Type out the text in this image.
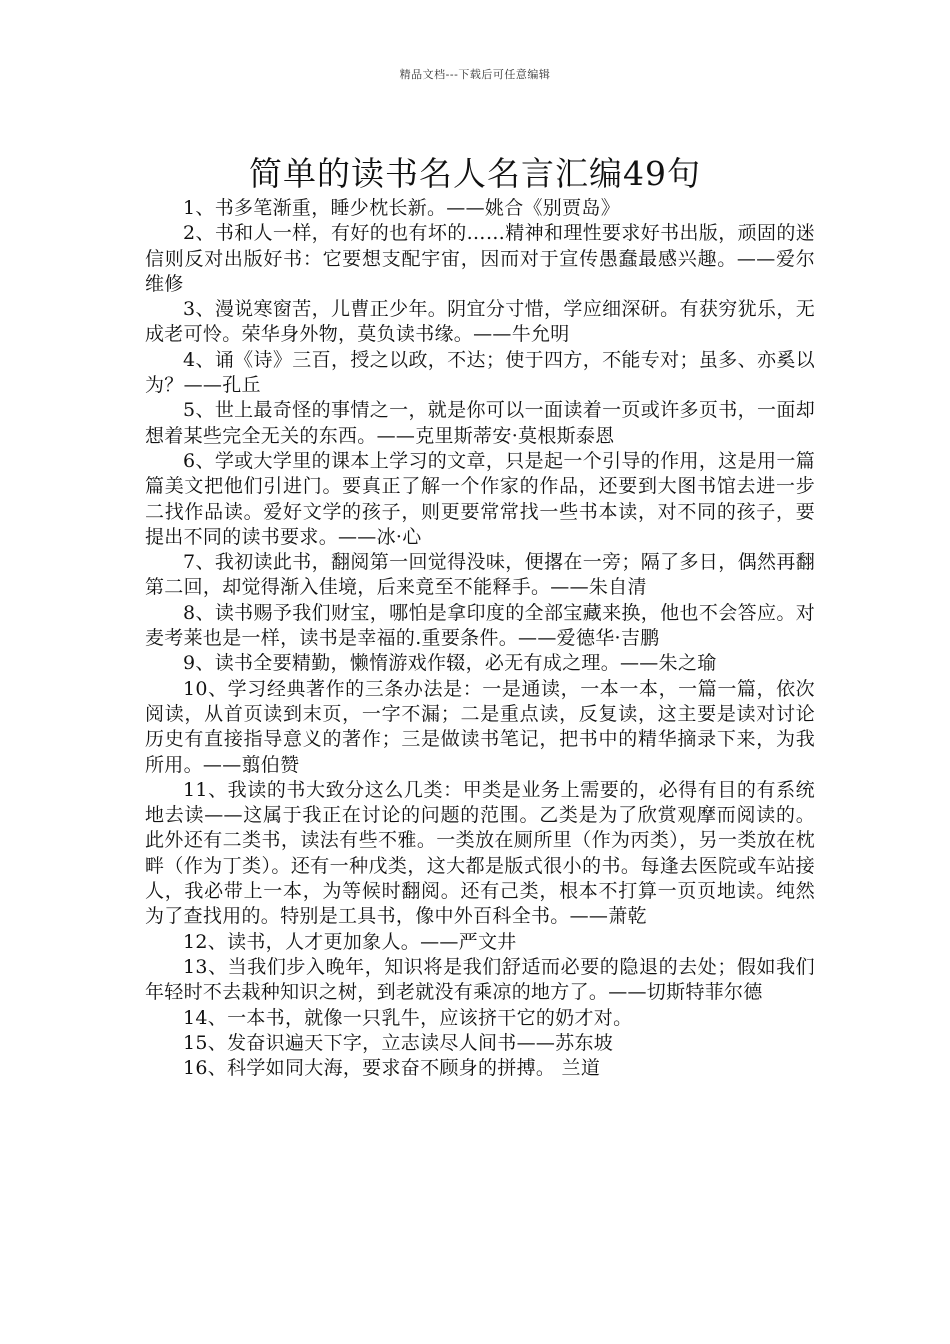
精品文档---下载后可任意编辑
简单的读书名人名言汇编49句

1、书多笔渐重，睡少枕长新。——姚合《别贾岛》

2、书和人一样，有好的也有坏的……精神和理性要求好书出版，顽固的迷信则反对出版好书：它要想支配宇宙，因而对于宣传愚蠢最感兴趣。——爱尔维修

3、漫说寒窗苦，儿曹正少年。阴宜分寸惜，学应细深研。有获穷犹乐，无成老可怜。荣华身外物，莫负读书缘。——牛允明

4、诵《诗》三百，授之以政，不达；使于四方，不能专对；虽多、亦奚以为？——孔丘

5、世上最奇怪的事情之一，就是你可以一面读着一页或许多页书，一面却想着某些完全无关的东西。——克里斯蒂安·莫根斯泰恩

6、学或大学里的课本上学习的文章，只是起一个引导的作用，这是用一篇篇美文把他们引进门。要真正了解一个作家的作品，还要到大图书馆去进一步二找作品读。爱好文学的孩子，则更要常常找一些书本读，对不同的孩子，要提出不同的读书要求。——冰·心

7、我初读此书，翻阅第一回觉得没味，便撂在一旁；隔了多日，偶然再翻第二回，却觉得渐入佳境，后来竟至不能释手。——朱自清

8、读书赐予我们财宝，哪怕是拿印度的全部宝藏来换，他也不会答应。对麦考莱也是一样，读书是幸福的.重要条件。——爱德华·吉鹏

9、读书全要精勤，懒惰游戏作辍，必无有成之理。——朱之瑜

10、学习经典著作的三条办法是：一是通读，一本一本，一篇一篇，依次阅读，从首页读到末页，一字不漏；二是重点读，反复读，这主要是读对讨论历史有直接指导意义的著作；三是做读书笔记，把书中的精华摘录下来，为我所用。——翦伯赞

11、我读的书大致分这么几类：甲类是业务上需要的，必得有目的有系统地去读——这属于我正在讨论的问题的范围。乙类是为了欣赏观摩而阅读的。此外还有二类书，读法有些不雅。一类放在厕所里（作为丙类），另一类放在枕畔（作为丁类）。还有一种戊类，这大都是版式很小的书。每逢去医院或车站接人，我必带上一本，为等候时翻阅。还有己类，根本不打算一页页地读。纯然为了查找用的。特别是工具书，像中外百科全书。——萧乾

12、读书，人才更加象人。——严文井

13、当我们步入晚年，知识将是我们舒适而必要的隐退的去处；假如我们年轻时不去栽种知识之树，到老就没有乘凉的地方了。——切斯特菲尔德

14、一本书，就像一只乳牛，应该挤干它的奶才对。

15、发奋识遍天下字，立志读尽人间书——苏东坡

16、科学如同大海，要求奋不顾身的拼搏。 兰道
